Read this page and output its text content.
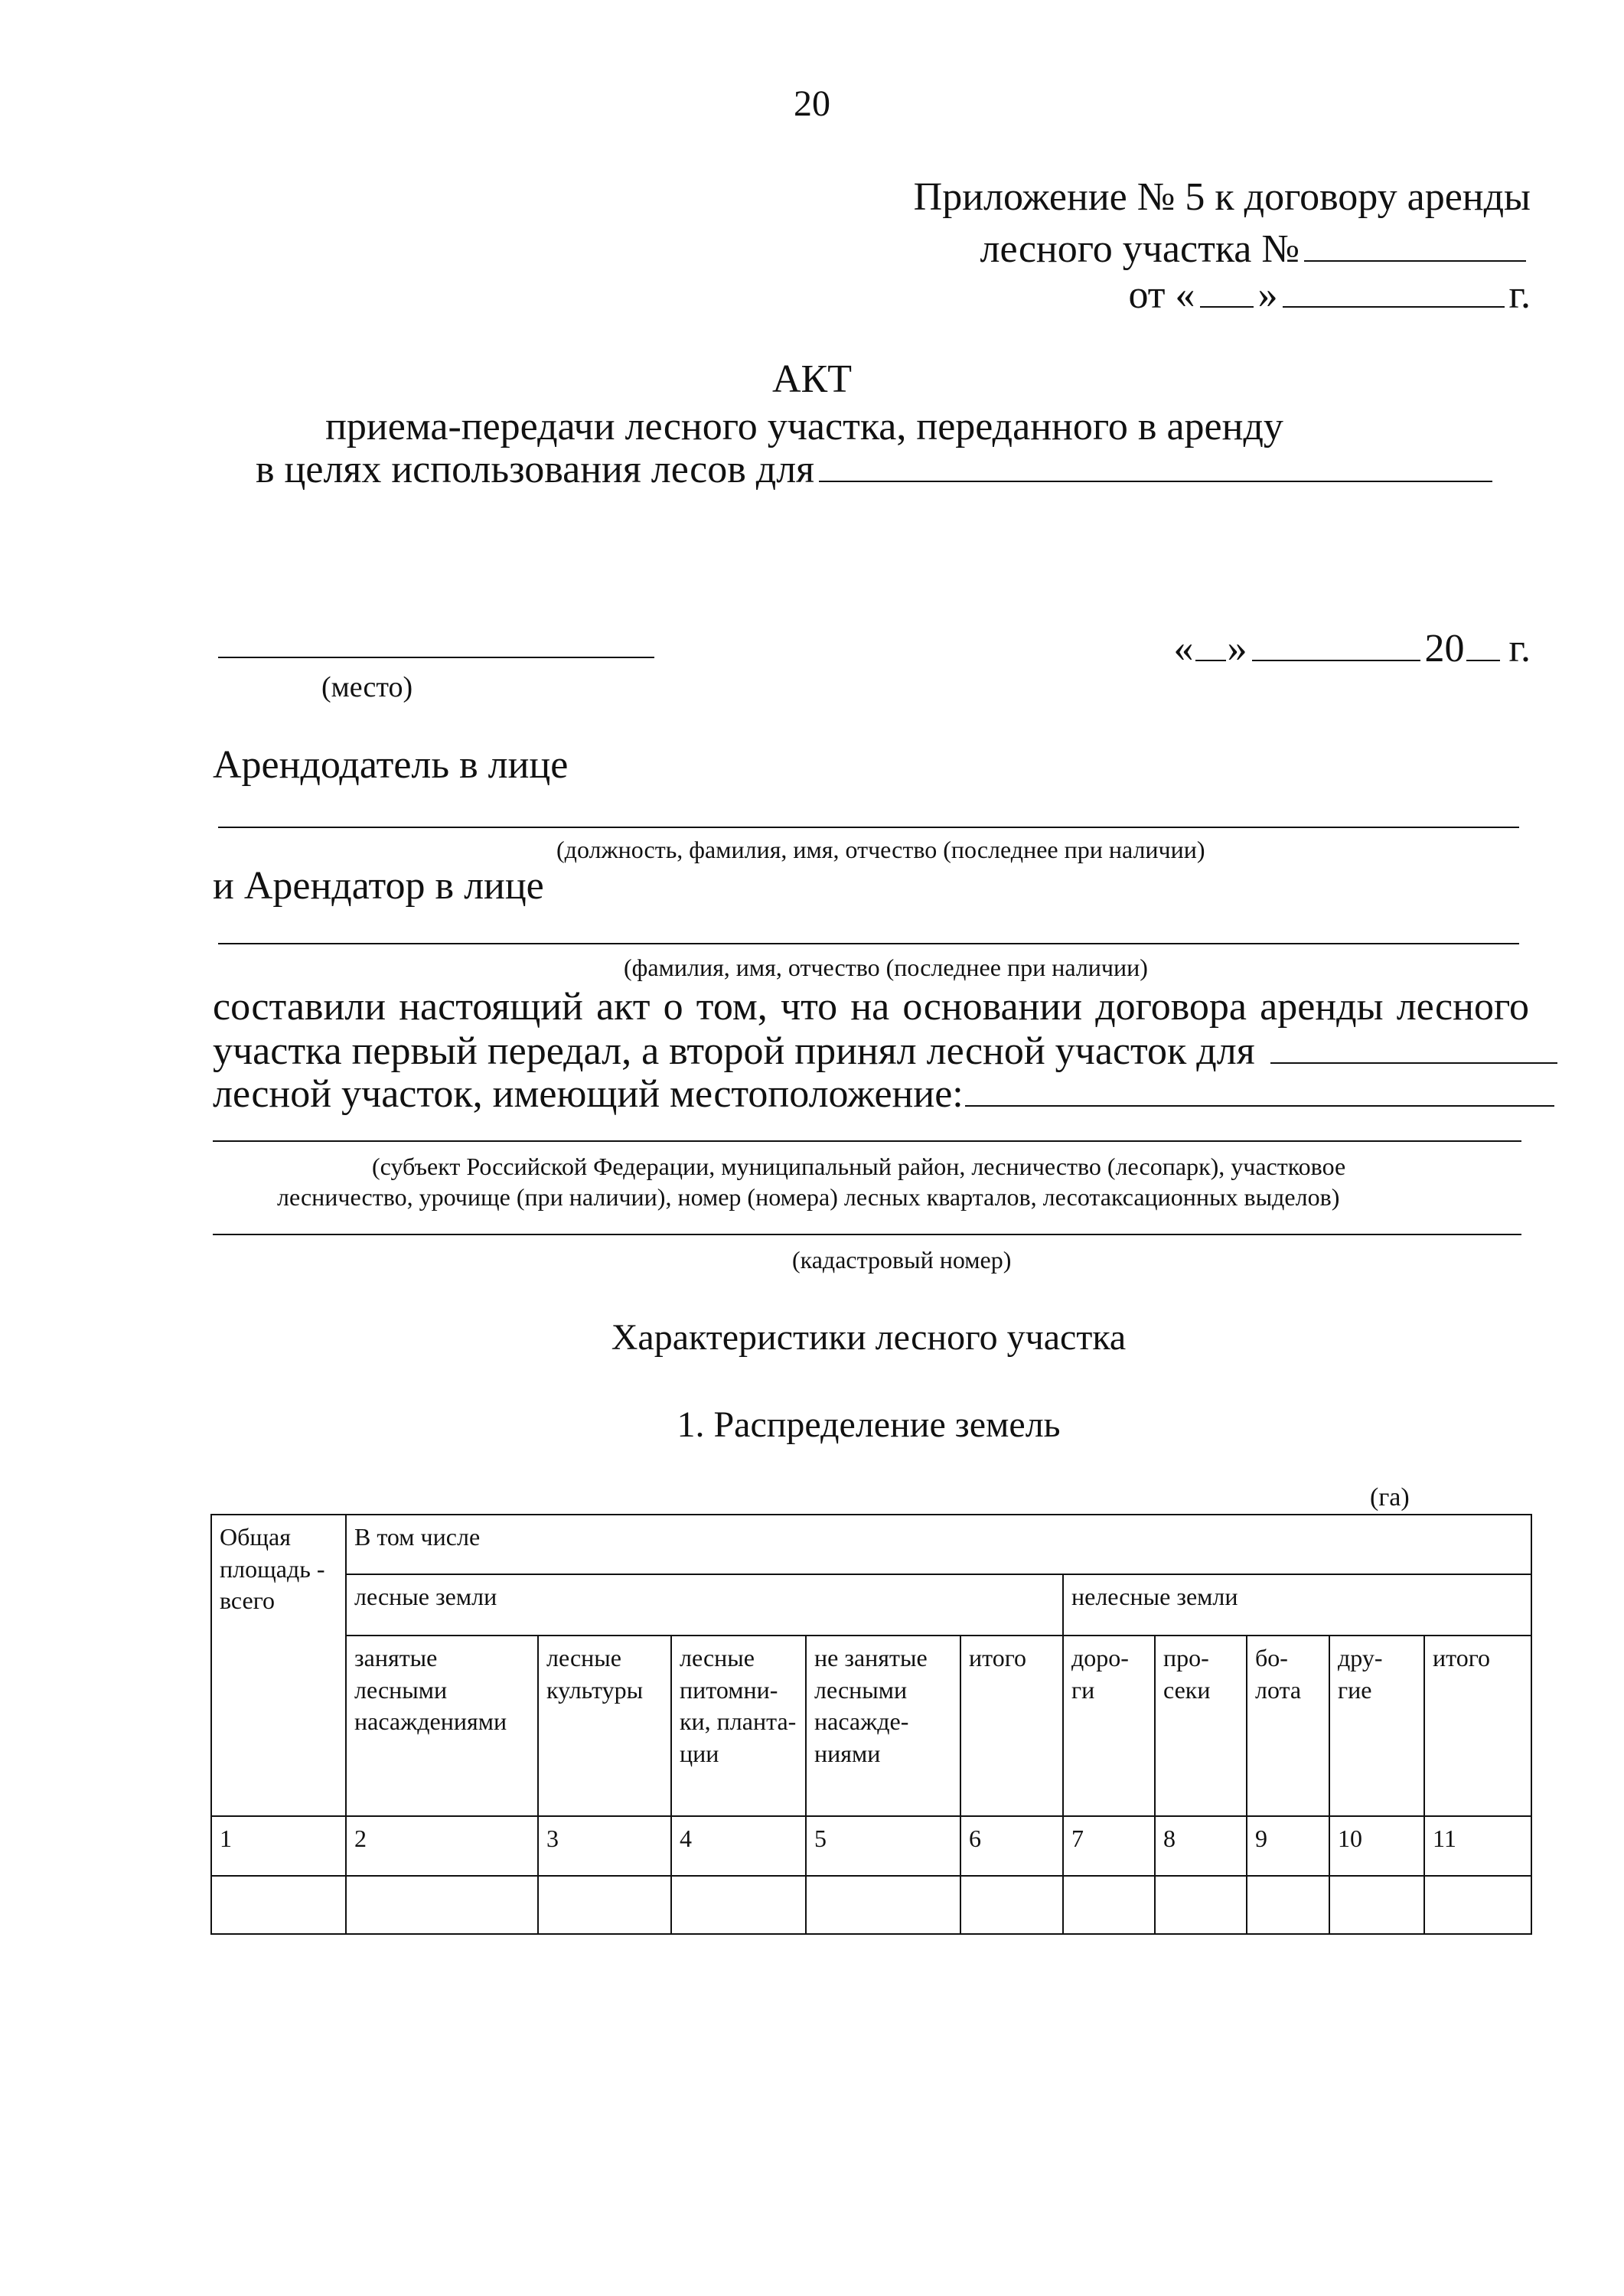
20
Приложение № 5 к договору аренды
лесного участка №
от « »	г.
АКТ
приема-передачи лесного участка, переданного в аренду
в целях использования лесов для
(место)
« »	20 г.
Арендодатель в лице
(должность, фамилия, имя, отчество (последнее при наличии)
и Арендатор в лице
(фамилия, имя, отчество (последнее при наличии)
составили настоящий акт о том, что на основании договора аренды лесного
участка первый передал, а второй принял лесной участок для
лесной участок, имеющий местоположение:
(субъект Российской Федерации, муниципальный район, лесничество (лесопарк), участковое
лесничество, урочище (при наличии), номер (номера) лесных кварталов, лесотаксационных выделов)
(кадастровый номер)
Характеристики лесного участка
1. Распределение земель
(га)
Общая площадь - всего	В том числе									
	лесные земли					нелесные земли				
	занятые лесными насаждениями	лесные культуры	лесные питомни-ки, планта-ции	не занятые лесными насажде-ниями	итого	доро-ги	про-секи	бо-лота	дру-гие	итого
1	2	3	4	5	6	7	8	9	10	11
